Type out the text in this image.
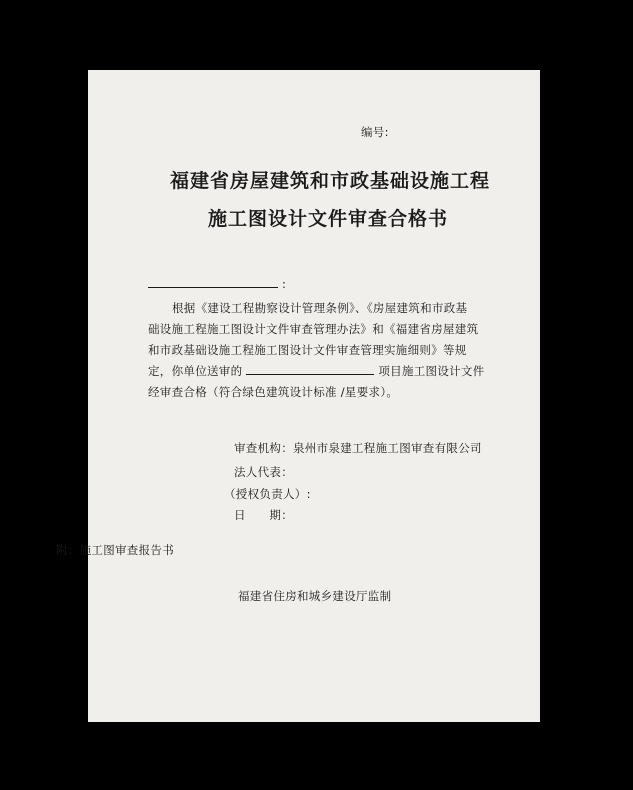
编号:
福建省房屋建筑和市政基础设施工程
施工图设计文件审查合格书
:
根据《建设工程勘察设计管理条例》、《房屋建筑和市政基
础设施工程施工图设计文件审查管理办法》和《福建省房屋建筑
和市政基础设施工程施工图设计文件审查管理实施细则》等规
定，你单位送审的	项目施工图设计文件
经审查合格（符合绿色建筑设计标准 /星要求）。
审查机构：泉州市泉建工程施工图审查有限公司
法人代表：
（授权负责人）:
日　　期：
附：施工图审查报告书
福建省住房和城乡建设厅监制
